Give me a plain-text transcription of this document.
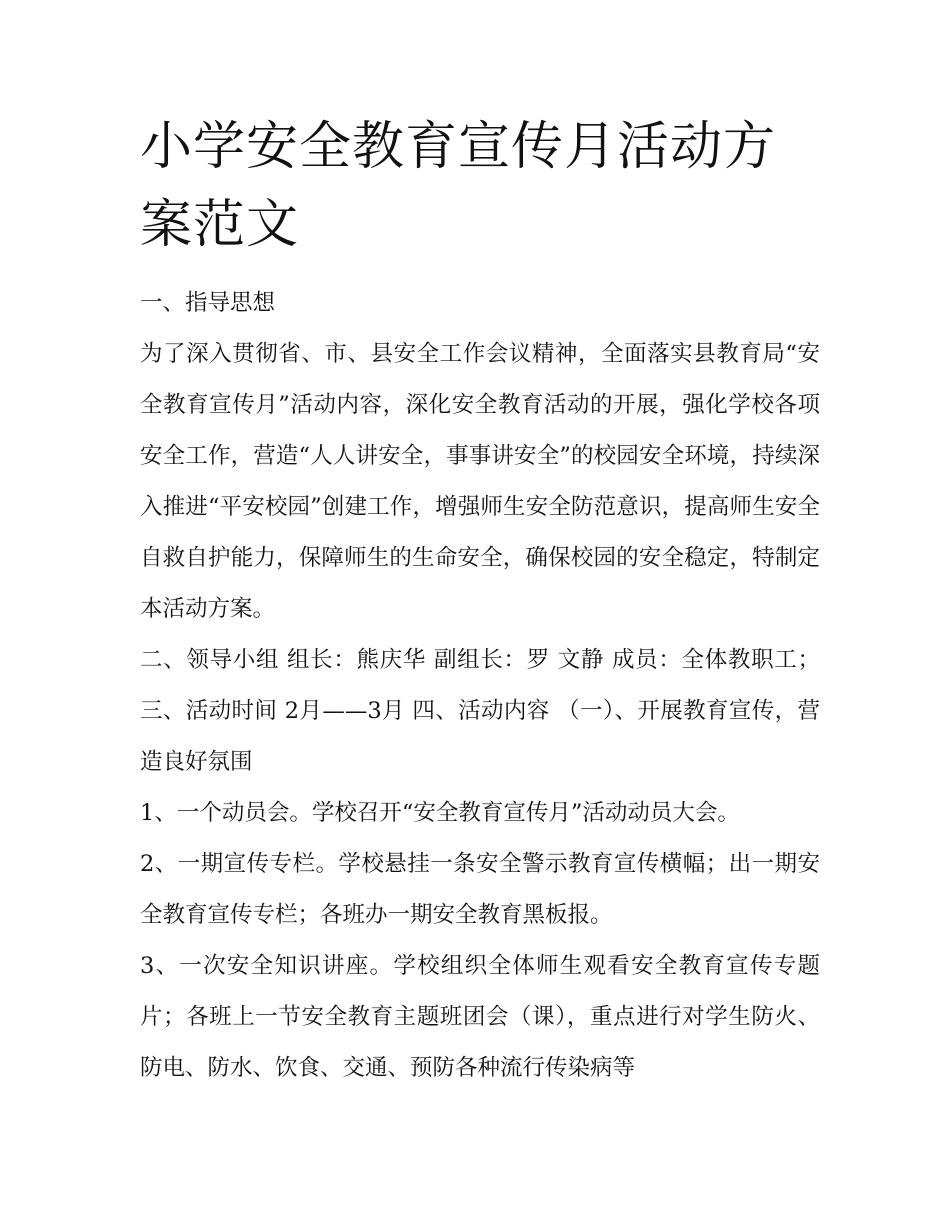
小学安全教育宣传月活动方案范文

一、指导思想

为了深入贯彻省、市、县安全工作会议精神，全面落实县教育局“安全教育宣传月”活动内容，深化安全教育活动的开展，强化学校各项安全工作，营造“人人讲安全，事事讲安全”的校园安全环境，持续深入推进“平安校园”创建工作，增强师生安全防范意识，提高师生安全自救自护能力，保障师生的生命安全，确保校园的安全稳定，特制定本活动方案。

二、领导小组 组长：熊庆华 副组长：罗 文静 成员：全体教职工； 三、活动时间 2月——3月 四、活动内容 （一）、开展教育宣传，营造良好氛围

1、一个动员会。学校召开“安全教育宣传月”活动动员大会。

2、一期宣传专栏。学校悬挂一条安全警示教育宣传横幅；出一期安全教育宣传专栏；各班办一期安全教育黑板报。

3、一次安全知识讲座。学校组织全体师生观看安全教育宣传专题片；各班上一节安全教育主题班团会（课），重点进行对学生防火、防电、防水、饮食、交通、预防各种流行传染病等
